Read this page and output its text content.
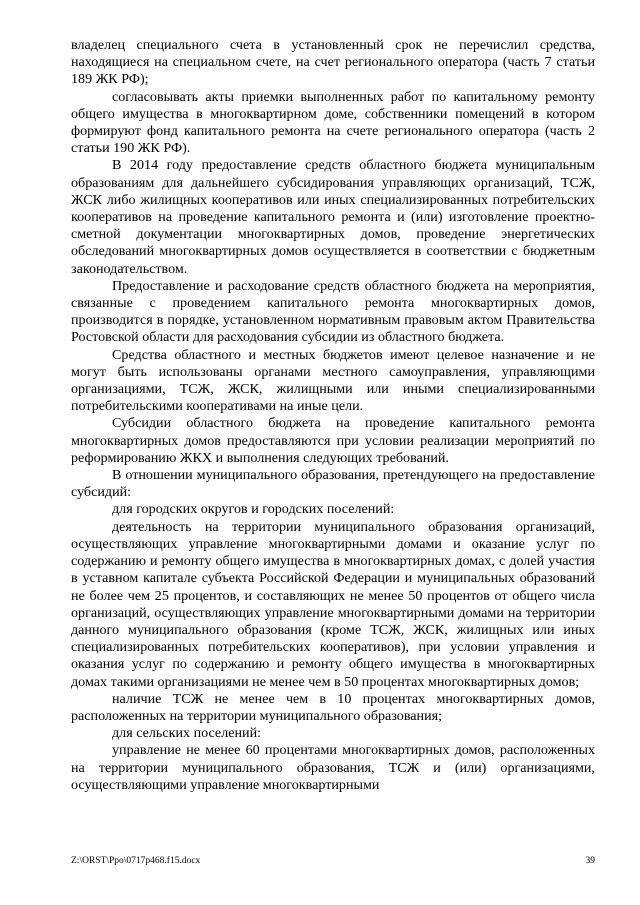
владелец специального счета в установленный срок не перечислил средства, находящиеся на специальном счете, на счет регионального оператора (часть 7 статьи 189 ЖК РФ);

согласовывать акты приемки выполненных работ по капитальному ремонту общего имущества в многоквартирном доме, собственники помещений в котором формируют фонд капитального ремонта на счете регионального оператора (часть 2 статьи 190 ЖК РФ).

В 2014 году предоставление средств областного бюджета муниципальным образованиям для дальнейшего субсидирования управляющих организаций, ТСЖ, ЖСК либо жилищных кооперативов или иных специализированных потребительских кооперативов на проведение капитального ремонта и (или) изготовление проектно-сметной документации многоквартирных домов, проведение энергетических обследований многоквартирных домов осуществляется в соответствии с бюджетным законодательством.

Предоставление и расходование средств областного бюджета на мероприятия, связанные с проведением капитального ремонта многоквартирных домов, производится в порядке, установленном нормативным правовым актом Правительства Ростовской области для расходования субсидии из областного бюджета.

Средства областного и местных бюджетов имеют целевое назначение и не могут быть использованы органами местного самоуправления, управляющими организациями, ТСЖ, ЖСК, жилищными или иными специализированными потребительскими кооперативами на иные цели.

Субсидии областного бюджета на проведение капитального ремонта многоквартирных домов предоставляются при условии реализации мероприятий по реформированию ЖКХ и выполнения следующих требований.

В отношении муниципального образования, претендующего на предоставление субсидий:

для городских округов и городских поселений:

деятельность на территории муниципального образования организаций, осуществляющих управление многоквартирными домами и оказание услуг по содержанию и ремонту общего имущества в многоквартирных домах, с долей участия в уставном капитале субъекта Российской Федерации и муниципальных образований не более чем 25 процентов, и составляющих не менее 50 процентов от общего числа организаций, осуществляющих управление многоквартирными домами на территории данного муниципального образования (кроме ТСЖ, ЖСК, жилищных или иных специализированных потребительских кооперативов), при условии управления и оказания услуг по содержанию и ремонту общего имущества в многоквартирных домах такими организациями не менее чем в 50 процентах многоквартирных домов;

наличие ТСЖ не менее чем в 10 процентах многоквартирных домов, расположенных на территории муниципального образования;

для сельских поселений:

управление не менее 60 процентами многоквартирных домов, расположенных на территории муниципального образования, ТСЖ и (или) организациями, осуществляющими управление многоквартирными

Z:\ORST\Ppo\0717p468.f15.docx	39
